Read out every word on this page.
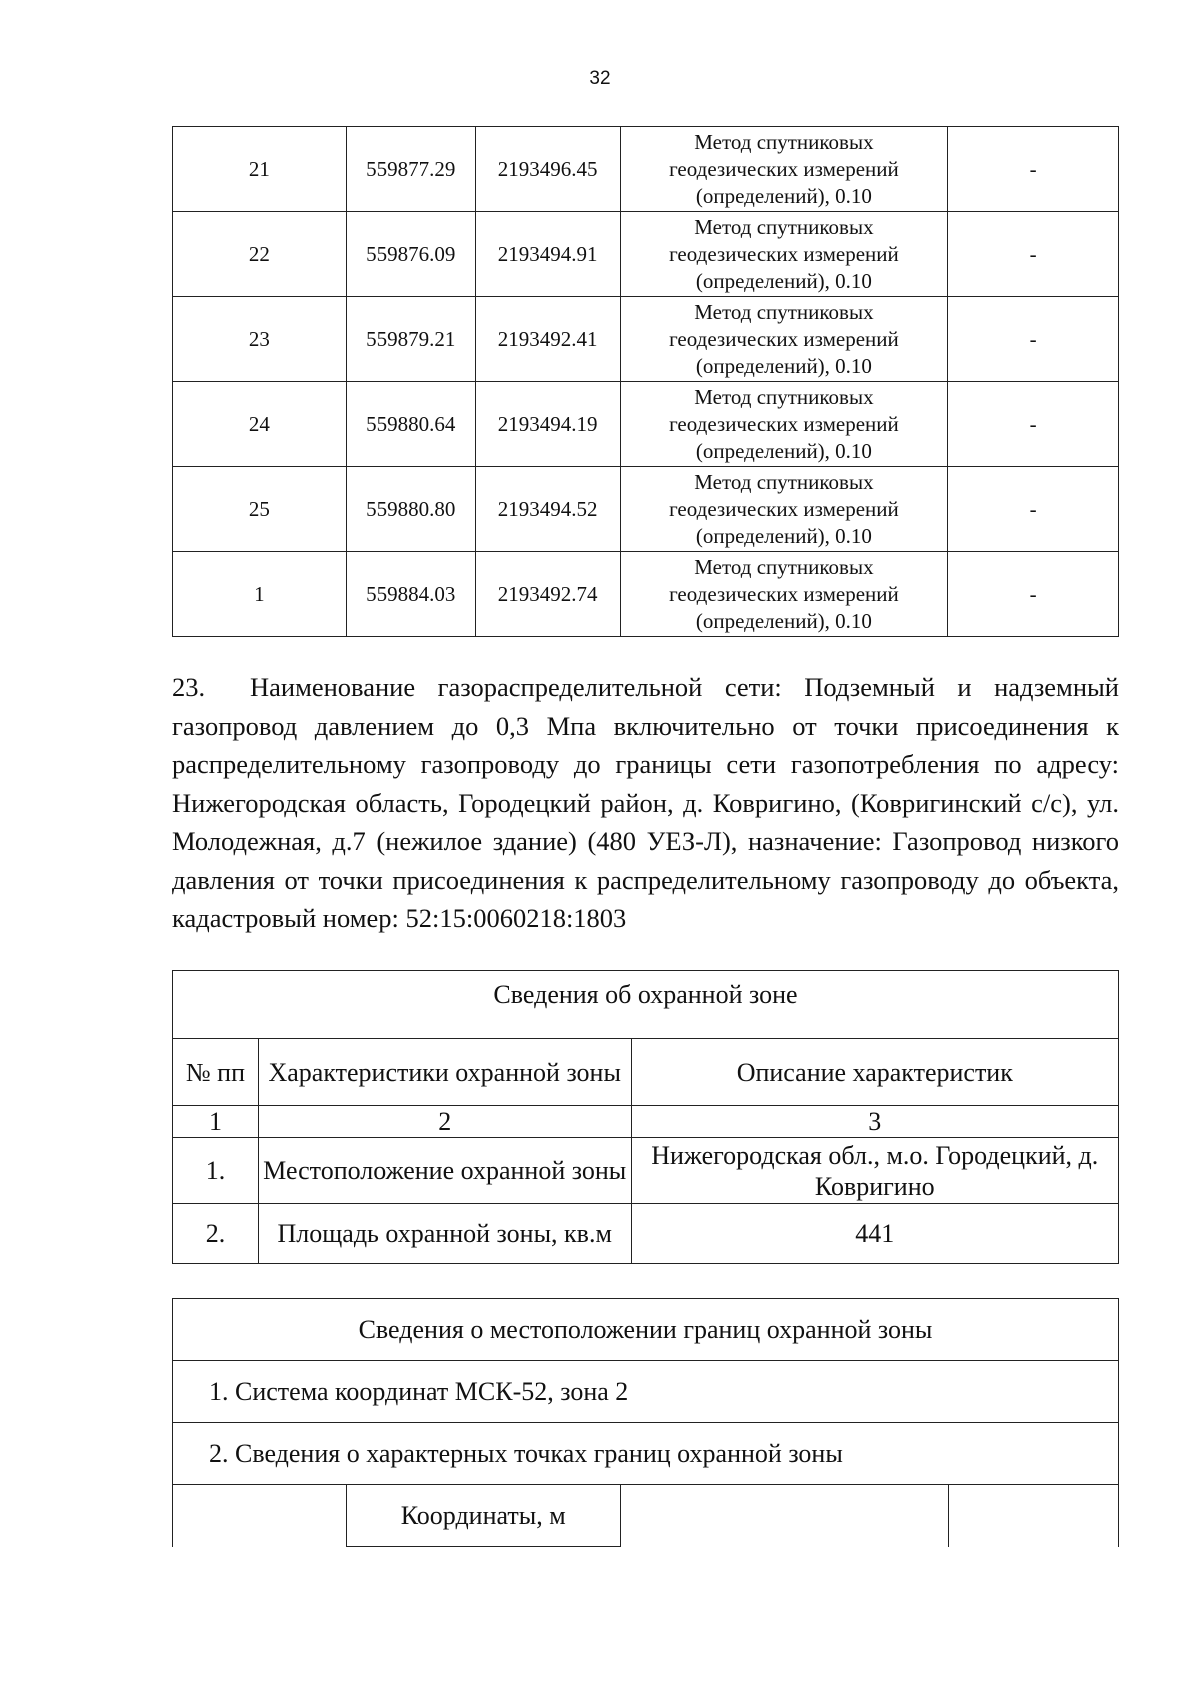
32
21	559877.29	2193496.45	Метод спутниковых
геодезических измерений
(определений), 0.10	-
22	559876.09	2193494.91	Метод спутниковых
геодезических измерений
(определений), 0.10	-
23	559879.21	2193492.41	Метод спутниковых
геодезических измерений
(определений), 0.10	-
24	559880.64	2193494.19	Метод спутниковых
геодезических измерений
(определений), 0.10	-
25	559880.80	2193494.52	Метод спутниковых
геодезических измерений
(определений), 0.10	-
1	559884.03	2193492.74	Метод спутниковых
геодезических измерений
(определений), 0.10	-
23. Наименование газораспределительной сети: Подземный и надземный газопровод давлением до 0,3 Мпа включительно от точки присоединения к распределительному газопроводу до границы сети газопотребления по адресу: Нижегородская область, Городецкий район, д. Ковригино, (Ковригинский с/с), ул. Молодежная, д.7 (нежилое здание) (480 УЕЗ-Л), назначение: Газопровод низкого давления от точки присоединения к распределительному газопроводу до объекта, кадастровый номер: 52:15:0060218:1803
Сведения об охранной зоне		
№ пп	Характеристики охранной зоны	Описание характеристик
1	2	3
1.	Местоположение охранной зоны	Нижегородская обл., м.о. Городецкий, д. Ковригино
2.	Площадь охранной зоны, кв.м	441
Сведения о местоположении границ охранной зоны
1. Система координат МСК-52, зона 2
2. Сведения о характерных точках границ охранной зоны
	Координаты, м		
